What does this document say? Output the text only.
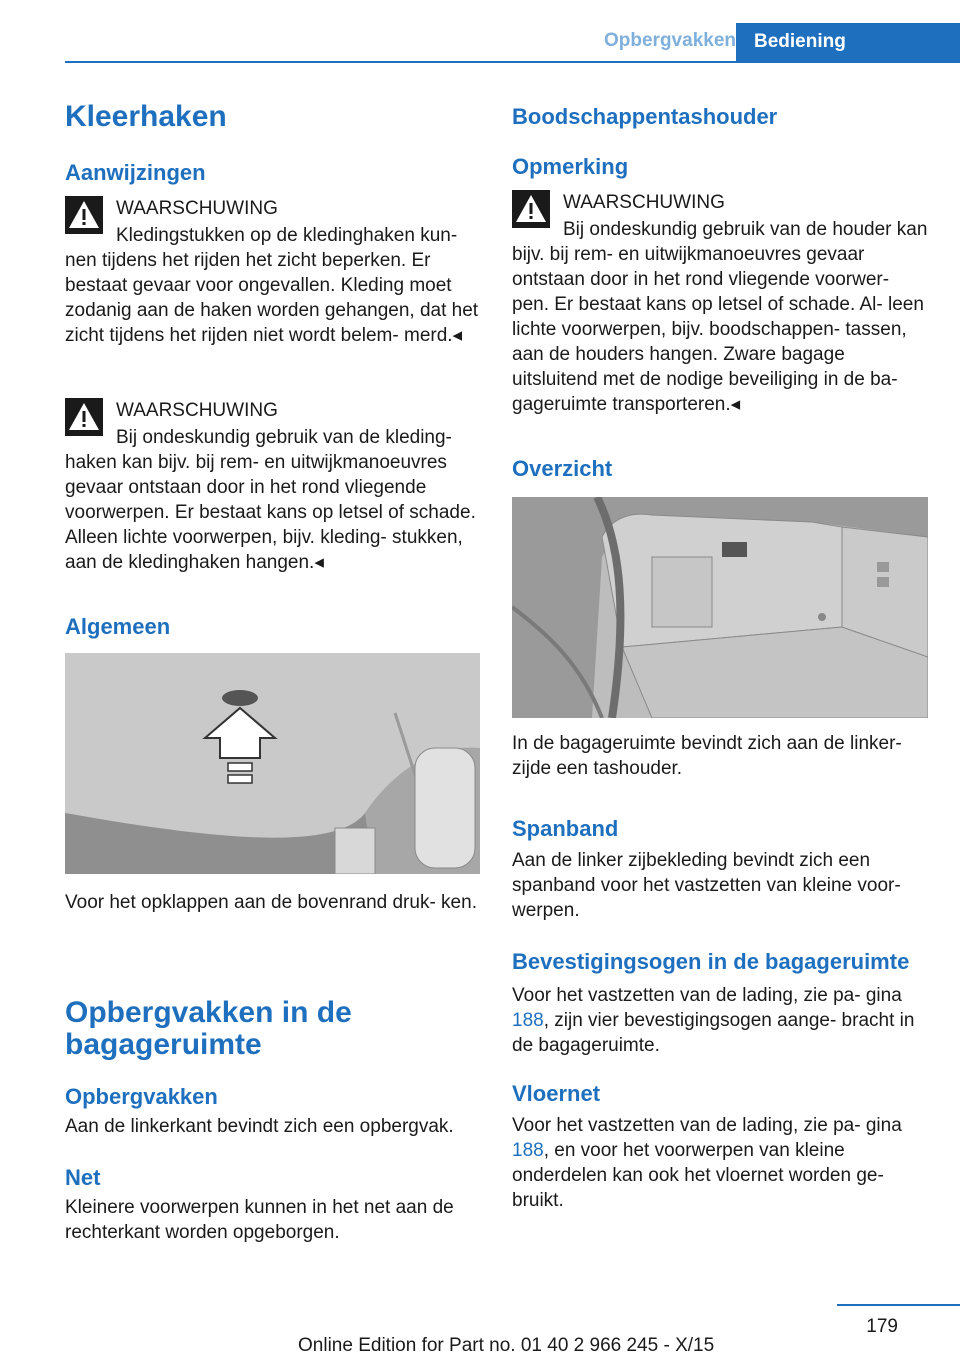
Opbergvakken Bediening
Kleerhaken
Aanwijzingen
WAARSCHUWING
Kledingstukken op de kledinghaken kun- nen tijdens het rijden het zicht beperken. Er bestaat gevaar voor ongevallen. Kleding moet zodanig aan de haken worden gehangen, dat het zicht tijdens het rijden niet wordt belem- merd.◂
WAARSCHUWING
Bij ondeskundig gebruik van de kleding- haken kan bijv. bij rem- en uitwijkmanoeuvres gevaar ontstaan door in het rond vliegende voorwerpen. Er bestaat kans op letsel of schade. Alleen lichte voorwerpen, bijv. kleding- stukken, aan de kledinghaken hangen.◂
Algemeen
Voor het opklappen aan de bovenrand druk- ken.
Opbergvakken in de
bagageruimte
Opbergvakken
Aan de linkerkant bevindt zich een opbergvak.
Net
Kleinere voorwerpen kunnen in het net aan de rechterkant worden opgeborgen.
Boodschappentashouder
Opmerking
WAARSCHUWING
Bij ondeskundig gebruik van de houder kan bijv. bij rem- en uitwijkmanoeuvres gevaar ontstaan door in het rond vliegende voorwer- pen. Er bestaat kans op letsel of schade. Al- leen lichte voorwerpen, bijv. boodschappen- tassen, aan de houders hangen. Zware bagage uitsluitend met de nodige beveiliging in de ba- gageruimte transporteren.◂
Overzicht
In de bagageruimte bevindt zich aan de linker- zijde een tashouder.
Spanband
Aan de linker zijbekleding bevindt zich een spanband voor het vastzetten van kleine voor- werpen.
Bevestigingsogen in de bagageruimte
Voor het vastzetten van de lading, zie pa- gina 188, zijn vier bevestigingsogen aange- bracht in de bagageruimte.
Vloernet
Voor het vastzetten van de lading, zie pa- gina 188, en voor het voorwerpen van kleine onderdelen kan ook het vloernet worden ge- bruikt.
179
Online Edition for Part no. 01 40 2 966 245 - X/15
